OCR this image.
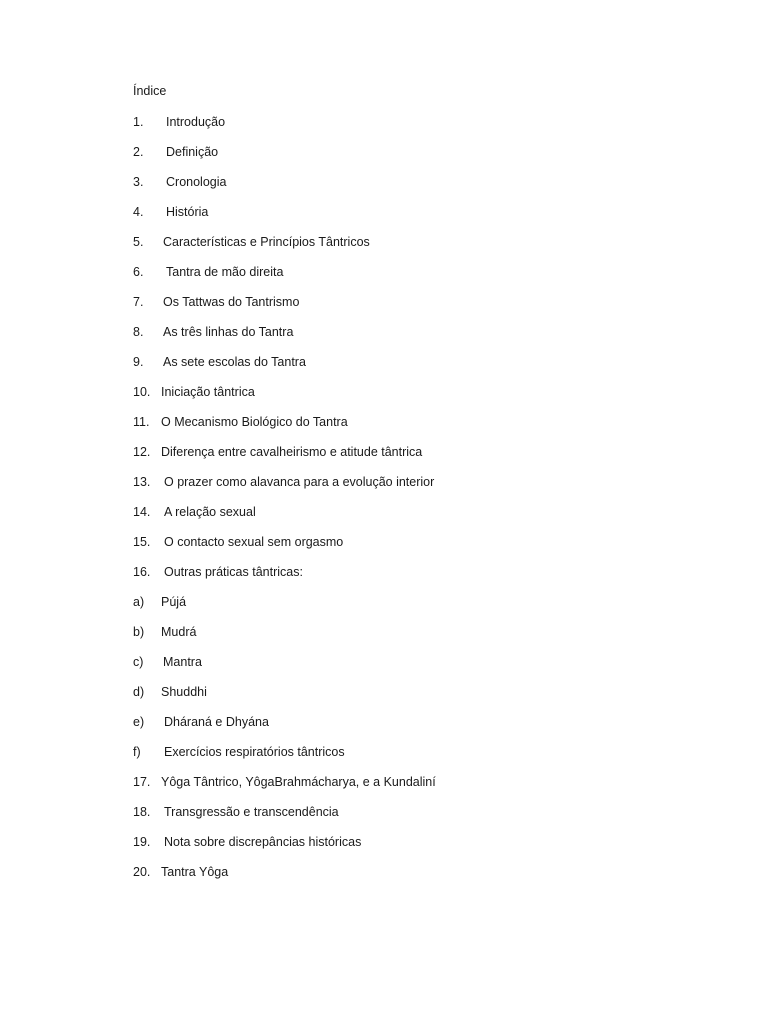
Índice
1. Introdução
2. Definição
3. Cronologia
4. História
5. Características e Princípios Tântricos
6. Tantra de mão direita
7. Os Tattwas do Tantrismo
8. As três linhas do Tantra
9. As sete escolas do Tantra
10. Iniciação tântrica
11. O Mecanismo Biológico do Tantra
12. Diferença entre cavalheirismo e atitude tântrica
13. O prazer como alavanca para a evolução interior
14. A relação sexual
15. O contacto sexual sem orgasmo
16. Outras práticas tântricas:
a) Pújá
b) Mudrá
c) Mantra
d) Shuddhi
e) Dháraná e Dhyána
f) Exercícios respiratórios tântricos
17. Yôga Tântrico, YôgaBrahmácharya, e a Kundaliní
18. Transgressão e transcendência
19. Nota sobre discrepâncias históricas
20. Tantra Yôga
